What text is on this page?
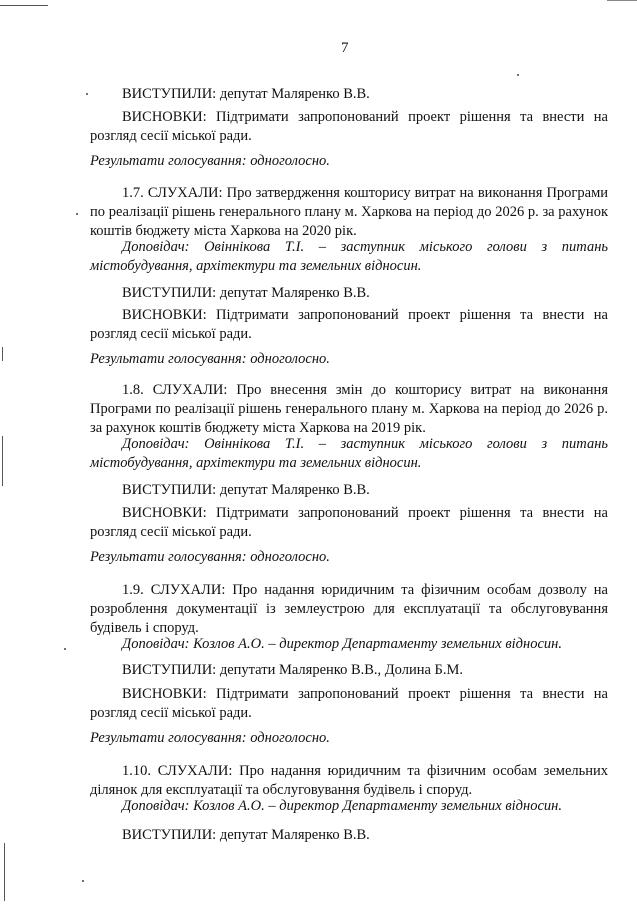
7
ВИСТУПИЛИ: депутат Маляренко В.В.
ВИСНОВКИ: Підтримати запропонований проект рішення та внести на розгляд сесії міської ради.
Результати голосування: одноголосно.
1.7. СЛУХАЛИ: Про затвердження кошторису витрат на виконання Програми по реалізації рішень генерального плану м. Харкова на період до 2026 р. за рахунок коштів бюджету міста Харкова на 2020 рік.
Доповідач: Овіннікова Т.І. – заступник міського голови з питань містобудування, архітектури та земельних відносин.
ВИСТУПИЛИ: депутат Маляренко В.В.
ВИСНОВКИ: Підтримати запропонований проект рішення та внести на розгляд сесії міської ради.
Результати голосування: одноголосно.
1.8. СЛУХАЛИ: Про внесення змін до кошторису витрат на виконання Програми по реалізації рішень генерального плану м. Харкова на період до 2026 р. за рахунок коштів бюджету міста Харкова на 2019 рік.
Доповідач: Овіннікова Т.І. – заступник міського голови з питань містобудування, архітектури та земельних відносин.
ВИСТУПИЛИ: депутат Маляренко В.В.
ВИСНОВКИ: Підтримати запропонований проект рішення та внести на розгляд сесії міської ради.
Результати голосування: одноголосно.
1.9. СЛУХАЛИ: Про надання юридичним та фізичним особам дозволу на розроблення документації із землеустрою для експлуатації та обслуговування будівель і споруд.
Доповідач: Козлов А.О. – директор Департаменту земельних відносин.
ВИСТУПИЛИ: депутати Маляренко В.В., Долина Б.М.
ВИСНОВКИ: Підтримати запропонований проект рішення та внести на розгляд сесії міської ради.
Результати голосування: одноголосно.
1.10. СЛУХАЛИ: Про надання юридичним та фізичним особам земельних ділянок для експлуатації та обслуговування будівель і споруд.
Доповідач: Козлов А.О. – директор Департаменту земельних відносин.
ВИСТУПИЛИ: депутат Маляренко В.В.
